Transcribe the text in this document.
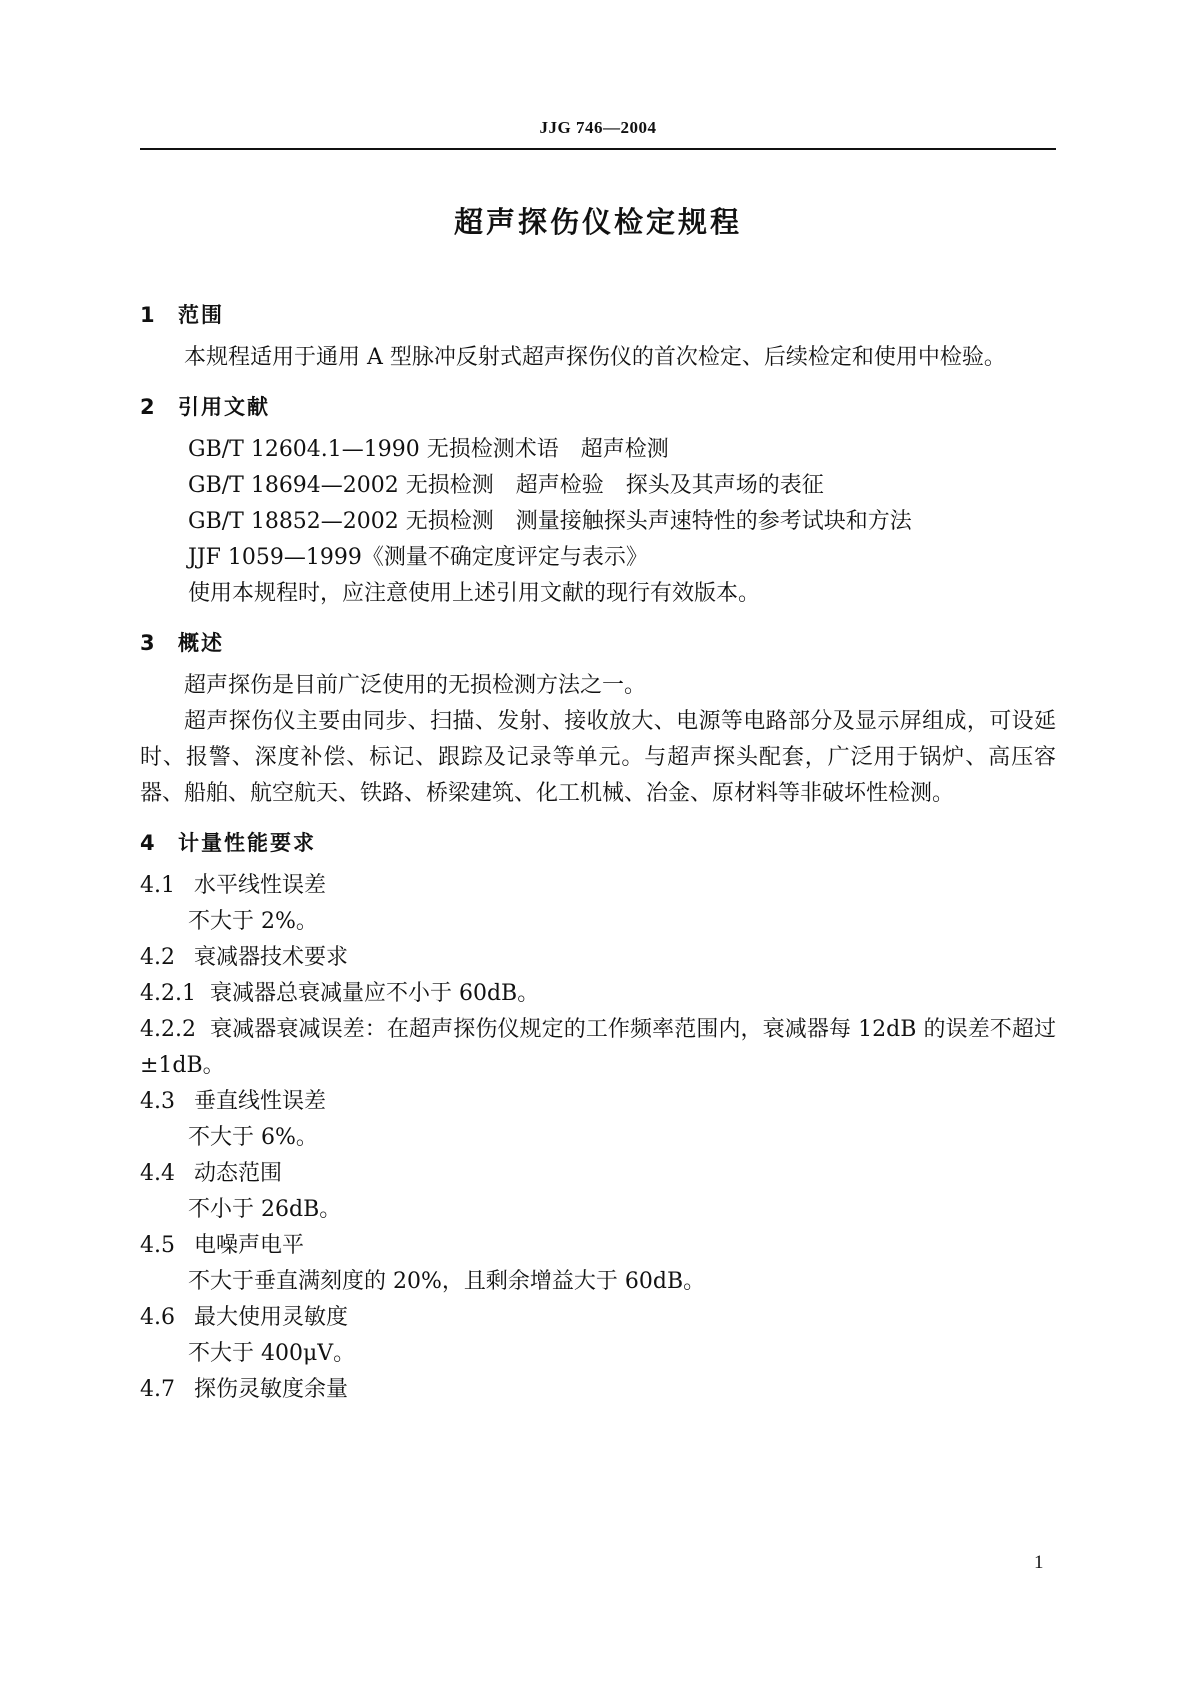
JJG 746—2004
超声探伤仪检定规程
1 范围

本规程适用于通用 A 型脉冲反射式超声探伤仪的首次检定、后续检定和使用中检验。

2 引用文献

GB/T 12604.1—1990 无损检测术语　超声检测

GB/T 18694—2002 无损检测　超声检验　探头及其声场的表征

GB/T 18852—2002 无损检测　测量接触探头声速特性的参考试块和方法

JJF 1059—1999《测量不确定度评定与表示》

使用本规程时，应注意使用上述引用文献的现行有效版本。

3 概述

超声探伤是目前广泛使用的无损检测方法之一。

超声探伤仪主要由同步、扫描、发射、接收放大、电源等电路部分及显示屏组成，可设延时、报警、深度补偿、标记、跟踪及记录等单元。与超声探头配套，广泛用于锅炉、高压容器、船舶、航空航天、铁路、桥梁建筑、化工机械、冶金、原材料等非破坏性检测。

4 计量性能要求

4.1 水平线性误差

不大于 2%。

4.2 衰减器技术要求

4.2.1 衰减器总衰减量应不小于 60dB。

4.2.2 衰减器衰减误差：在超声探伤仪规定的工作频率范围内，衰减器每 12dB 的误差不超过±1dB。

4.3 垂直线性误差

不大于 6%。

4.4 动态范围

不小于 26dB。

4.5 电噪声电平

不大于垂直满刻度的 20%，且剩余增益大于 60dB。

4.6 最大使用灵敏度

不大于 400μV。

4.7 探伤灵敏度余量

1
